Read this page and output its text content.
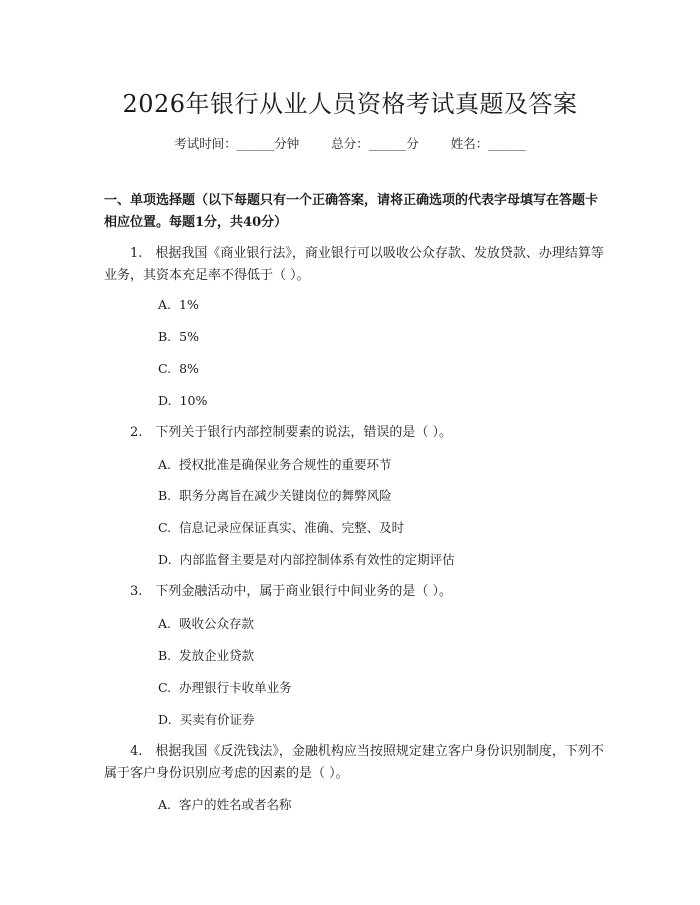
2026年银行从业人员资格考试真题及答案
考试时间：______分钟	总分：______分	姓名：______
一、单项选择题（以下每题只有一个正确答案，请将正确选项的代表字母填写在答题卡相应位置。每题1分，共40分）
1. 根据我国《商业银行法》，商业银行可以吸收公众存款、发放贷款、办理结算等业务，其资本充足率不得低于（ ）。
A. 1%
B. 5%
C. 8%
D. 10%
2. 下列关于银行内部控制要素的说法，错误的是（ ）。
A. 授权批准是确保业务合规性的重要环节
B. 职务分离旨在减少关键岗位的舞弊风险
C. 信息记录应保证真实、准确、完整、及时
D. 内部监督主要是对内部控制体系有效性的定期评估
3. 下列金融活动中，属于商业银行中间业务的是（ ）。
A. 吸收公众存款
B. 发放企业贷款
C. 办理银行卡收单业务
D. 买卖有价证券
4. 根据我国《反洗钱法》，金融机构应当按照规定建立客户身份识别制度，下列不属于客户身份识别应考虑的因素的是（ ）。
A. 客户的姓名或者名称
